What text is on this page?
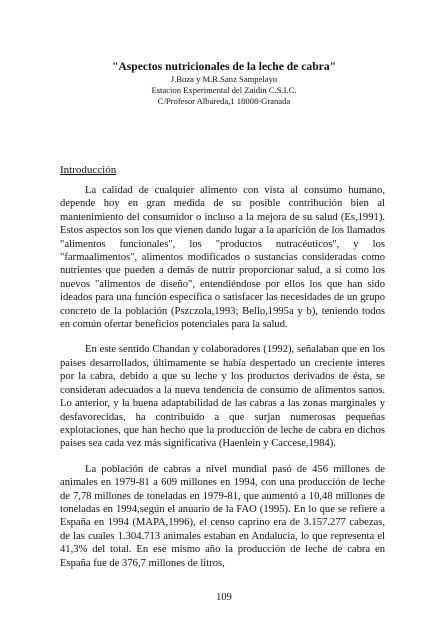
"Aspectos nutricionales de la leche de cabra"

J.Boza y M.R.Sanz Sampelayo

Estacion Experimental del Zaidin C.S.I.C.

C/Profesor Albareda,1 18008-Granada

Introducción

La calidad de cualquier alimento con vista al consumo humano, depende hoy en gran medida de su posible contribución bien al mantenimiento del consumidor o incluso a la mejora de su salud (Es,1991). Estos aspectos son los que vienen dando lugar a la aparición de los llamados "alimentos funcionales", los "productos nutracéuticos", y los "farmaalimentos", alimentos modificados o sustancias consideradas como nutrientes que pueden a demás de nutrir proporcionar salud, a si como los nuevos "alimentos de diseño", entendiéndose por ellos los que han sido ideados para una función específica o satisfacer las necesidades de un grupo concreto de la población (Pszczola,1993; Bello,1995a y b), teniendo todos en común ofertar beneficios potenciales para la salud.

En este sentido Chandan y colaboradores (1992), señalaban que en los paises desarrollados, últimamente se había despertado un creciente interes por la cabra, debido a que su leche y los productos derivados de ésta, se consideran adecuados a la nueva tendencia de consumo de alimentos sanos. Lo anterior, y la buena adaptabilidad de las cabras a las zonas marginales y desfavorecidas, ha contribuido a que surjan numerosas pequeñas explotaciones, que han hecho que la producción de leche de cabra en dichos paises sea cada vez más significativa (Haenlein y Caccese,1984).

La población de cabras a nivel mundial pasó de 456 millones de animales en 1979-81 a 609 millones en 1994, con una producción de leche de 7,78 millones de toneladas en 1979-81, que aumentó a 10,48 millones de toneladas en 1994,según el anuario de la FAO (1995). En lo que se refiere a España en 1994 (MAPA,1996), el censo caprino era de 3.157.277 cabezas, de las cuales 1.304.713 animales estaban en Andalucia, lo que representa el 41,3% del total. En ese mismo año la producción de leche de cabra en España fue de 376,7 millones de litros,

109
